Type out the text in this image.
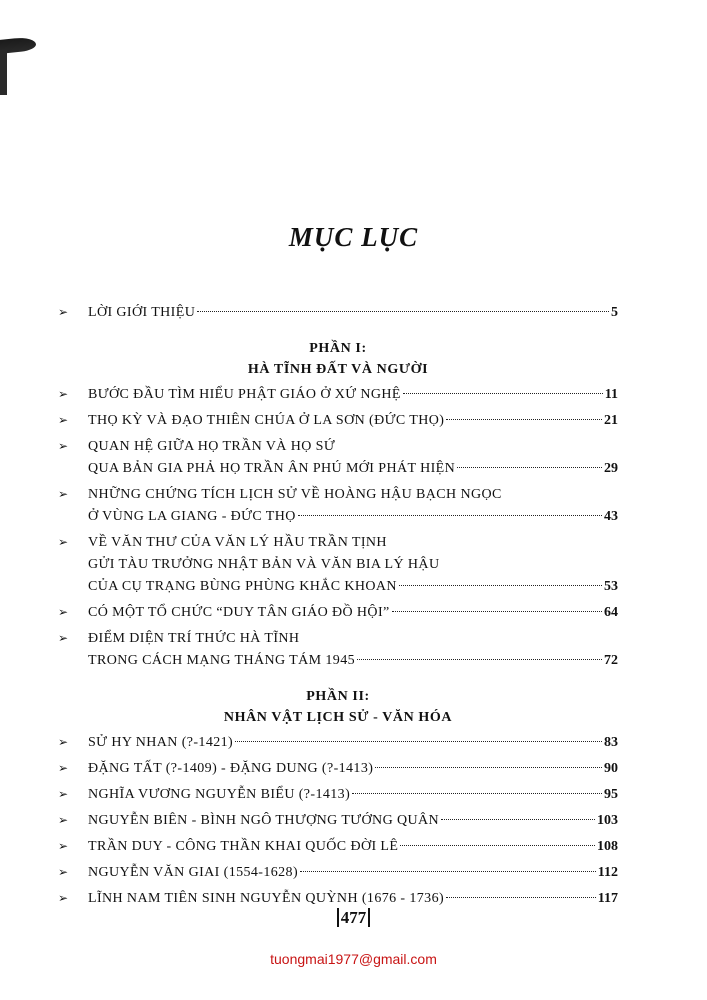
MỤC LỤC
➢ LỜI GIỚI THIỆU	5
PHẦN I:
HÀ TĨNH ĐẤT VÀ NGƯỜI
➢ BƯỚC ĐẦU TÌM HIỂU PHẬT GIÁO Ở XỨ NGHỆ	11
➢ THỌ KỲ VÀ ĐẠO THIÊN CHÚA Ở LA SƠN (ĐỨC THỌ)	21
➢ QUAN HỆ GIỮA HỌ TRẦN VÀ HỌ SỨ
QUA BẢN GIA PHẢ HỌ TRẦN ÂN PHÚ MỚI PHÁT HIỆN	29
➢ NHỮNG CHỨNG TÍCH LỊCH SỬ VỀ HOÀNG HẬU BẠCH NGỌC
Ở VÙNG LA GIANG - ĐỨC THỌ	43
➢ VỀ VĂN THƯ CỦA VĂN LÝ HẦU TRẦN TỊNH
GỬI TÀU TRƯỞNG NHẬT BẢN VÀ VĂN BIA LÝ HẬU
CỦA CỤ TRẠNG BÙNG PHÙNG KHẮC KHOAN	53
➢ CÓ MỘT TỔ CHỨC “DUY TÂN GIÁO ĐỒ HỘI”	64
➢ ĐIỂM DIỆN TRÍ THỨC HÀ TĨNH
TRONG CÁCH MẠNG THÁNG TÁM 1945	72
PHẦN II:
NHÂN VẬT LỊCH SỬ - VĂN HÓA
➢ SỬ HY NHAN (?-1421)	83
➢ ĐẶNG TẤT (?-1409) - ĐẶNG DUNG (?-1413)	90
➢ NGHĨA VƯƠNG NGUYỄN BIỂU (?-1413)	95
➢ NGUYỄN BIÊN - BÌNH NGÔ THƯỢNG TƯỚNG QUÂN	103
➢ TRẦN DUY - CÔNG THẦN KHAI QUỐC ĐỜI LÊ	108
➢ NGUYỄN VĂN GIAI (1554-1628)	112
➢ LĨNH NAM TIÊN SINH NGUYỄN QUỲNH (1676 - 1736)	117
477
tuongmai1977@gmail.com
